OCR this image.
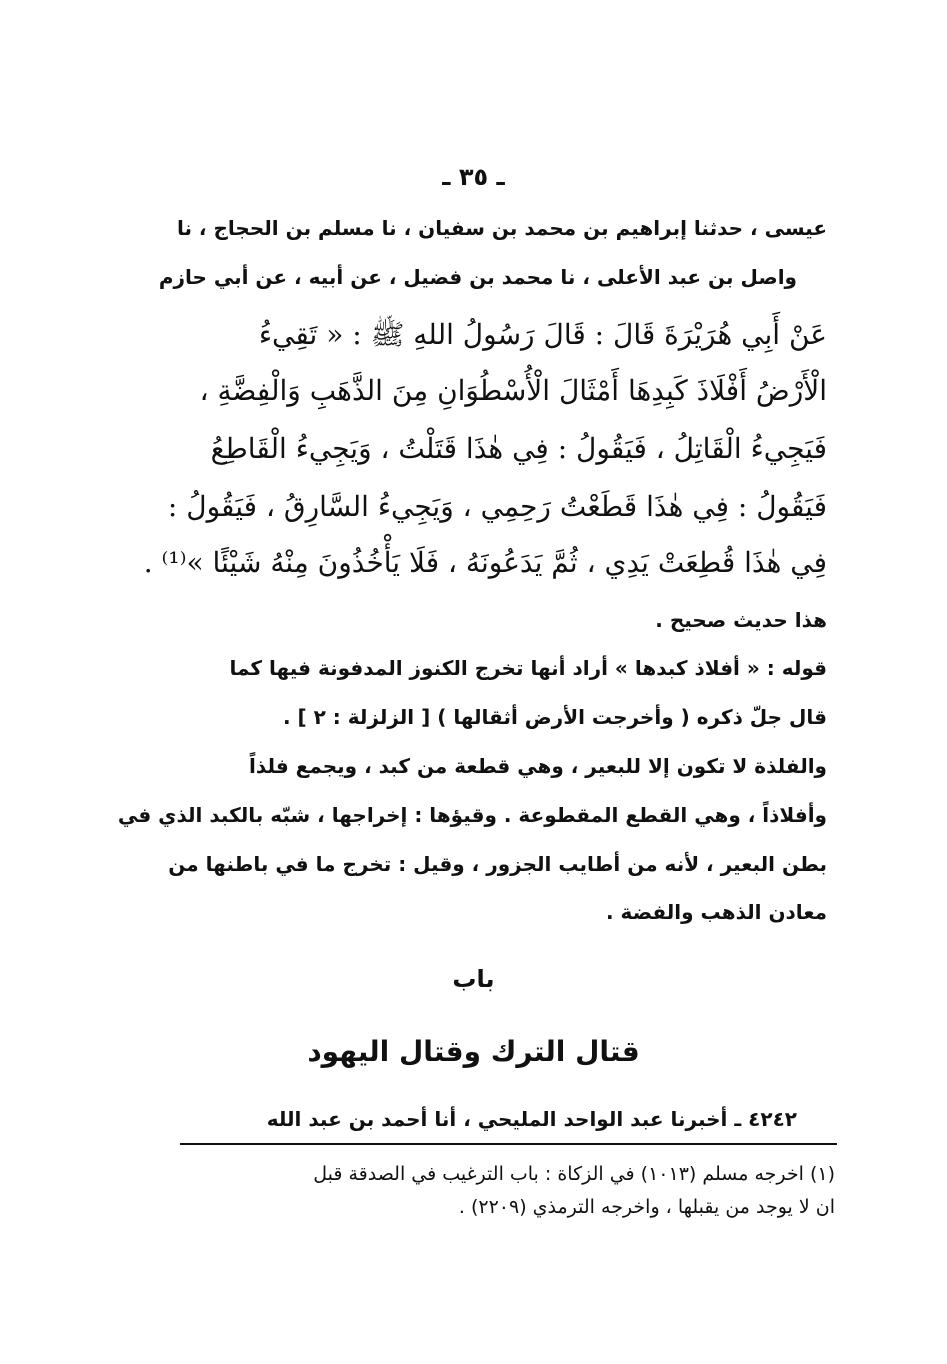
ـ ٣٥ ـ
عيسى ، حدثنا إبراهيم بن محمد بن سفيان ، نا مسلم بن الحجاج ، نا
واصل بن عبد الأعلى ، نا محمد بن فضيل ، عن أبيه ، عن أبي حازم
عَنْ أَبِي هُرَيْرَةَ قَالَ : قَالَ رَسُولُ اللهِ ﷺ : « تَقِيءُ
الْأَرْضُ أَفْلَاذَ كَبِدِهَا أَمْثَالَ الْأُسْطُوَانِ مِنَ الذَّهَبِ وَالْفِضَّةِ ،
فَيَجِيءُ الْقَاتِلُ ، فَيَقُولُ : فِي هٰذَا قَتَلْتُ ، وَيَجِيءُ الْقَاطِعُ
فَيَقُولُ : فِي هٰذَا قَطَعْتُ رَحِمِي ، وَيَجِيءُ السَّارِقُ ، فَيَقُولُ :
فِي هٰذَا قُطِعَتْ يَدِي ، ثُمَّ يَدَعُونَهُ ، فَلَا يَأْخُذُونَ مِنْهُ شَيْئًا »⁽¹⁾ .
هذا حديث صحيح .
قوله : « أفلاذ كبدها » أراد أنها تخرج الكنوز المدفونة فيها كما
قال جلّ ذكره ( وأخرجت الأرض أثقالها ) [ الزلزلة : ٢ ] .
والفلذة لا تكون إلا للبعير ، وهي قطعة من كبد ، ويجمع فلذاً
وأفلاذاً ، وهي القطع المقطوعة . وقيؤها : إخراجها ، شبّه بالكبد الذي في
بطن البعير ، لأنه من أطايب الجزور ، وقيل : تخرج ما في باطنها من
معادن الذهب والفضة .
باب
قتال الترك وقتال اليهود
٤٢٤٢ ـ أخبرنا عبد الواحد المليحي ، أنا أحمد بن عبد الله
(١) اخرجه مسلم (١٠١٣) في الزكاة : باب الترغيب في الصدقة قبل
ان لا يوجد من يقبلها ، واخرجه الترمذي (٢٢٠٩) .
